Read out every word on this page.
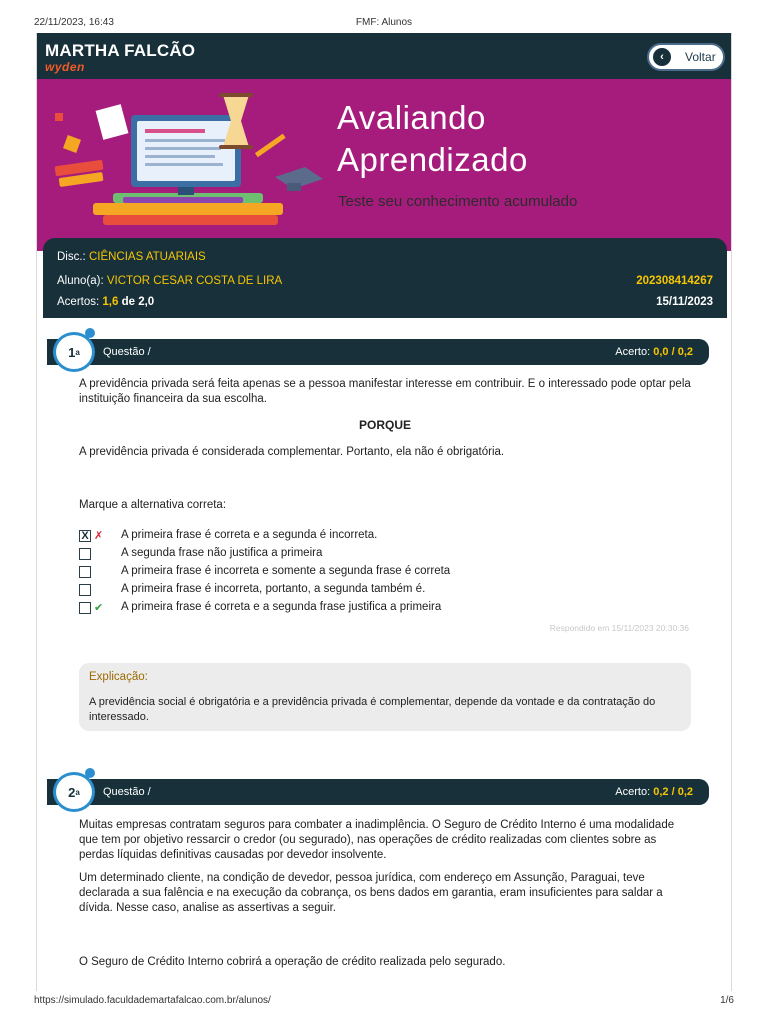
22/11/2023, 16:43	FMF: Alunos
MARTHA FALCÃO
wyden
‹	Voltar
Avaliando
Aprendizado
Teste seu conhecimento acumulado
Disc.: CIÊNCIAS ATUARIAIS
Aluno(a): VICTOR CESAR COSTA DE LIRA	202308414267
Acertos: 1,6 de 2,0	15/11/2023
Questão /	Acerto: 0,0 / 0,2
1 a
A previdência privada será feita apenas se a pessoa manifestar interesse em contribuir. E o interessado pode optar pela instituição financeira da sua escolha.
PORQUE
A previdência privada é considerada complementar. Portanto, ela não é obrigatória.
Marque a alternativa correta:
X ✗ A primeira frase é correta e a segunda é incorreta.
A segunda frase não justifica a primeira
A primeira frase é incorreta e somente a segunda frase é correta
A primeira frase é incorreta, portanto, a segunda também é.
✔ A primeira frase é correta e a segunda frase justifica a primeira
Respondido em 15/11/2023 20:30:36
Explicação:
A previdência social é obrigatória e a previdência privada é complementar, depende da vontade e da contratação do interessado.
Questão /	Acerto: 0,2 / 0,2
2 a
Muitas empresas contratam seguros para combater a inadimplência. O Seguro de Crédito Interno é uma modalidade que tem por objetivo ressarcir o credor (ou segurado), nas operações de crédito realizadas com clientes sobre as perdas líquidas definitivas causadas por devedor insolvente.
Um determinado cliente, na condição de devedor, pessoa jurídica, com endereço em Assunção, Paraguai, teve declarada a sua falência e na execução da cobrança, os bens dados em garantia, eram insuficientes para saldar a dívida. Nesse caso, analise as assertivas a seguir.
O Seguro de Crédito Interno cobrirá a operação de crédito realizada pelo segurado.
https://simulado.faculdademartafalcao.com.br/alunos/	1/6
